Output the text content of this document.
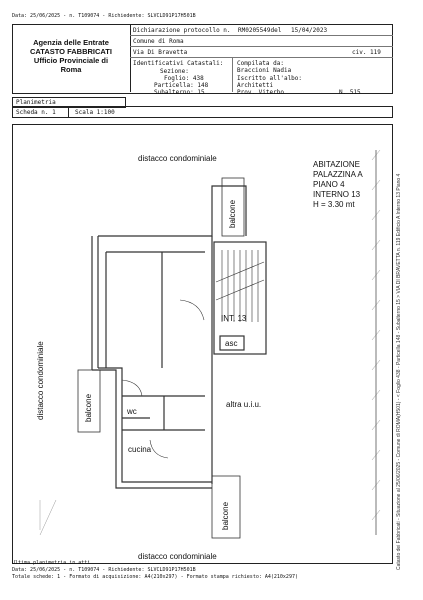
Data: 25/06/2025 - n. T109074 - Richiedente: SLVCLD91P17H501B
Agenzia delle Entrate
CATASTO FABBRICATI
Ufficio Provinciale di
Roma
Dichiarazione protocollo n. RM0205549del 15/04/2023
Comune di Roma
Via Di Bravetta	civ. 119
Identificativi Catastali:
Sezione:
Foglio: 438
Particella: 148
Subalterno: 15
Compilata da:
Braccioni Nadia
Iscritto all'albo:
Architetti
Prov. Viterbo	N. 515
Planimetria
Scheda n. 1	Scala 1:100
distacco condominiale
distacco condominiale
distacco condominiale
ABITAZIONE
PALAZZINA A
PIANO 4
INTERNO 13
H = 3.30 mt
balcone
balcone
balcone
INT. 13
asc
wc
cucina
altra u.i.u.	Catasto dei Fabbricati - Situazione al 25/06/2025 - Comune di ROMA(H501) - < Foglio 438 - Particella 148 - Subalterno 15 > VIA DI BRAVETTA n. 119 Edificio A Interno 13 Piano 4
Ultima planimetria in atti
Data: 25/06/2025 - n. T109074 - Richiedente: SLVCLD91P17H501B
Totale schede: 1 - Formato di acquisizione: A4(210x297) - Formato stampa richiesto: A4(210x297)
